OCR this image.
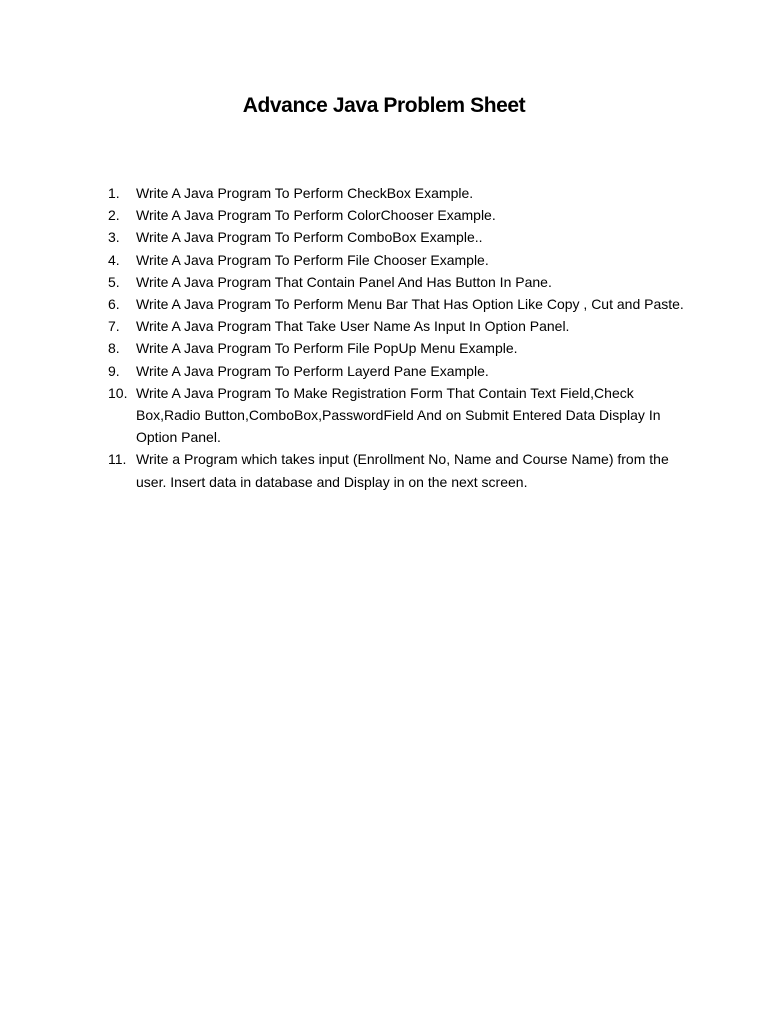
Advance Java Problem Sheet
1.	Write A Java Program To Perform CheckBox Example.
2.	Write A Java Program To Perform ColorChooser Example.
3.	Write A Java Program To Perform ComboBox Example..
4.	Write A Java Program To Perform File Chooser Example.
5.	Write A Java Program That Contain Panel And Has Button In Pane.
6.	Write A Java Program To Perform Menu Bar That Has Option Like Copy , Cut and Paste.
7.	Write A Java Program That Take User Name As Input In Option Panel.
8.	Write A Java Program To Perform File PopUp Menu Example.
9.	Write A Java Program To Perform Layerd Pane Example.
10. Write A Java Program To Make Registration Form That Contain Text Field,Check Box,Radio Button,ComboBox,PasswordField And on Submit Entered Data Display In Option Panel.
11. Write a Program which takes input (Enrollment No, Name and Course Name) from the user. Insert data in database and Display in on the next screen.
